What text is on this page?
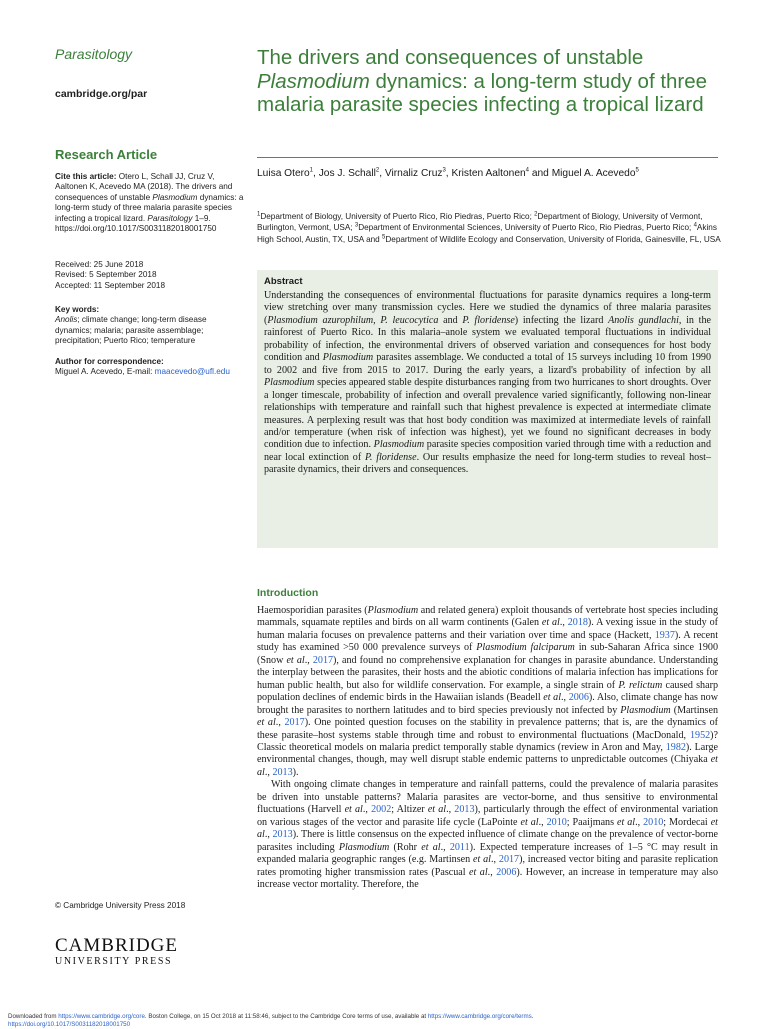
Parasitology
cambridge.org/par
Research Article
Cite this article: Otero L, Schall JJ, Cruz V, Aaltonen K, Acevedo MA (2018). The drivers and consequences of unstable Plasmodium dynamics: a long-term study of three malaria parasite species infecting a tropical lizard. Parasitology 1–9. https://doi.org/10.1017/S0031182018001750
Received: 25 June 2018
Revised: 5 September 2018
Accepted: 11 September 2018
Key words:
Anolis; climate change; long-term disease dynamics; malaria; parasite assemblage; precipitation; Puerto Rico; temperature
Author for correspondence:
Miguel A. Acevedo, E-mail: maacevedo@ufl.edu
© Cambridge University Press 2018
CAMBRIDGE
UNIVERSITY PRESS
The drivers and consequences of unstable
Plasmodium dynamics: a long-term study of three malaria parasite species infecting a tropical lizard
Luisa Otero$^1$, Jos J. Schall$^2$, Virnaliz Cruz$^3$, Kristen Aaltonen$^4$ and Miguel A. Acevedo$^5$
$^1$Department of Biology, University of Puerto Rico, Rio Piedras, Puerto Rico; $^2$Department of Biology, University of Vermont, Burlington, Vermont, USA; $^3$Department of Environmental Sciences, University of Puerto Rico, Rio Piedras, Puerto Rico; $^4$Akins High School, Austin, TX, USA and $^5$Department of Wildlife Ecology and Conservation, University of Florida, Gainesville, FL, USA
Abstract
Understanding the consequences of environmental fluctuations for parasite dynamics requires a long-term view stretching over many transmission cycles. Here we studied the dynamics of three malaria parasites (Plasmodium azurophilum, P. leucocytica and P. floridense) infecting the lizard Anolis gundlachi, in the rainforest of Puerto Rico. In this malaria–anole system we evaluated temporal fluctuations in individual probability of infection, the environmental drivers of observed variation and consequences for host body condition and Plasmodium parasites assemblage. We conducted a total of 15 surveys including 10 from 1990 to 2002 and five from 2015 to 2017. During the early years, a lizard's probability of infection by all Plasmodium species appeared stable despite disturbances ranging from two hurricanes to short droughts. Over a longer timescale, probability of infection and overall prevalence varied significantly, following non-linear relationships with temperature and rainfall such that highest prevalence is expected at intermediate climate measures. A perplexing result was that host body condition was maximized at intermediate levels of rainfall and/or temperature (when risk of infection was highest), yet we found no significant decreases in body condition due to infection. Plasmodium parasite species composition varied through time with a reduction and near local extinction of P. floridense. Our results emphasize the need for long-term studies to reveal host–parasite dynamics, their drivers and consequences.
Introduction

Haemosporidian parasites (Plasmodium and related genera) exploit thousands of vertebrate host species including mammals, squamate reptiles and birds on all warm continents (Galen et al., 2018). A vexing issue in the study of human malaria focuses on prevalence patterns and their variation over time and space (Hackett, 1937). A recent study has examined >50 000 prevalence surveys of Plasmodium falciparum in sub-Saharan Africa since 1900 (Snow et al., 2017), and found no comprehensive explanation for changes in parasite abundance. Understanding the interplay between the parasites, their hosts and the abiotic conditions of malaria infection has implications for human public health, but also for wildlife conservation. For example, a single strain of P. relictum caused sharp population declines of endemic birds in the Hawaiian islands (Beadell et al., 2006). Also, climate change has now brought the parasites to northern latitudes and to bird species previously not infected by Plasmodium (Martinsen et al., 2017). One pointed question focuses on the stability in prevalence patterns; that is, are the dynamics of these parasite–host systems stable through time and robust to environmental fluctuations (MacDonald, 1952)? Classic theoretical models on malaria predict temporally stable dynamics (review in Aron and May, 1982). Large environmental changes, though, may well disrupt stable endemic patterns to unpredictable outcomes (Chiyaka et al., 2013).

With ongoing climate changes in temperature and rainfall patterns, could the prevalence of malaria parasites be driven into unstable patterns? Malaria parasites are vector-borne, and thus sensitive to environmental fluctuations (Harvell et al., 2002; Altizer et al., 2013), particularly through the effect of environmental variation on various stages of the vector and parasite life cycle (LaPointe et al., 2010; Paaijmans et al., 2010; Mordecai et al., 2013). There is little consensus on the expected influence of climate change on the prevalence of vector-borne parasites including Plasmodium (Rohr et al., 2011). Expected temperature increases of 1–5 °C may result in expanded malaria geographic ranges (e.g. Martinsen et al., 2017), increased vector biting and parasite replication rates promoting higher transmission rates (Pascual et al., 2006). However, an increase in temperature may also increase vector mortality. Therefore, the

Downloaded from https://www.cambridge.org/core. Boston College, on 15 Oct 2018 at 11:58:46, subject to the Cambridge Core terms of use, available at https://www.cambridge.org/core/terms.
https://doi.org/10.1017/S0031182018001750
